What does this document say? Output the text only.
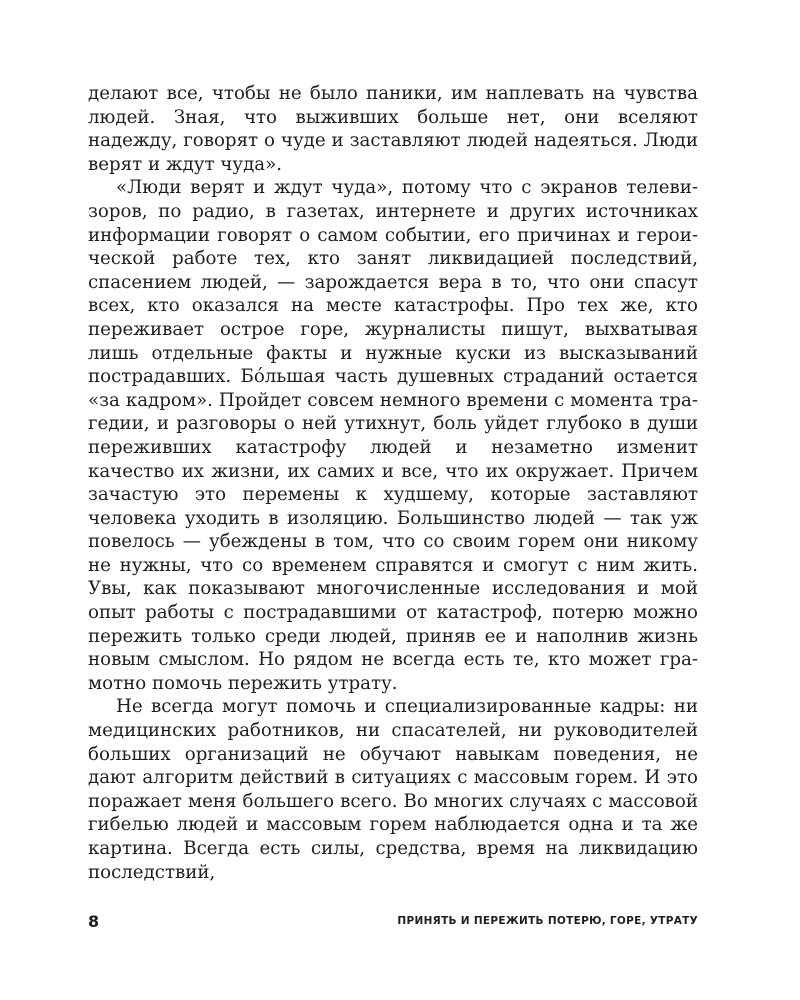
делают все, чтобы не было паники, им наплевать на чувства людей. Зная, что выживших больше нет, они вселяют надежду, говорят о чуде и заставляют людей надеяться. Люди верят и ждут чуда».

«Люди верят и ждут чуда», потому что с экранов телевизоров, по радио, в газетах, интернете и других источниках информации говорят о самом событии, его причинах и героической работе тех, кто занят ликвидацией последствий, спасением людей, — зарождается вера в то, что они спасут всех, кто оказался на месте катастрофы. Про тех же, кто переживает острое горе, журналисты пишут, выхватывая лишь отдельные факты и нужные куски из высказываний пострадавших. Бóльшая часть душевных страданий остается «за кадром». Пройдет совсем немного времени с момента трагедии, и разговоры о ней утихнут, боль уйдет глубоко в души переживших катастрофу людей и незаметно изменит качество их жизни, их самих и все, что их окружает. Причем зачастую это перемены к худшему, которые заставляют человека уходить в изоляцию. Большинство людей — так уж повелось — убеждены в том, что со своим горем они никому не нужны, что со временем справятся и смогут с ним жить. Увы, как показывают многочисленные исследования и мой опыт работы с пострадавшими от катастроф, потерю можно пережить только среди людей, приняв ее и наполнив жизнь новым смыслом. Но рядом не всегда есть те, кто может грамотно помочь пережить утрату.

Не всегда могут помочь и специализированные кадры: ни медицинских работников, ни спасателей, ни руководителей больших организаций не обучают навыкам поведения, не дают алгоритм действий в ситуациях с массовым горем. И это поражает меня большего всего. Во многих случаях с массовой гибелью людей и массовым горем наблюдается одна и та же картина. Всегда есть силы, средства, время на ликвидацию последствий,

8	ПРИНЯТЬ И ПЕРЕЖИТЬ ПОТЕРЮ, ГОРЕ, УТРАТУ
